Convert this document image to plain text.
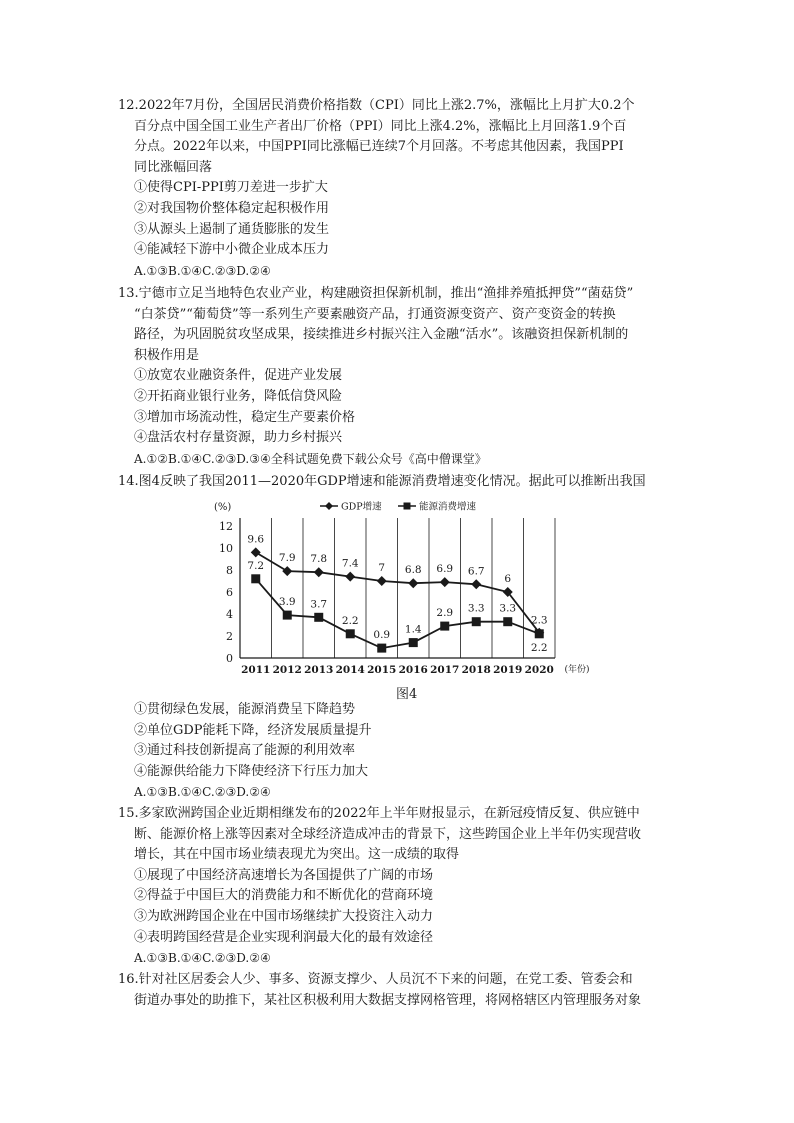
12.2022年7月份，全国居民消费价格指数（CPI）同比上涨2.7%，涨幅比上月扩大0.2个

百分点中国全国工业生产者出厂价格（PPI）同比上涨4.2%，涨幅比上月回落1.9个百

分点。2022年以来，中国PPI同比涨幅已连续7个月回落。不考虑其他因素，我国PPI

同比涨幅回落

①使得CPI-PPI剪刀差进一步扩大

②对我国物价整体稳定起积极作用

③从源头上遏制了通货膨胀的发生

④能减轻下游中小微企业成本压力

A.①③B.①④C.②③D.②④

13.宁德市立足当地特色农业产业，构建融资担保新机制，推出“渔排养殖抵押贷”“菌菇贷”

“白茶贷”“葡萄贷”等一系列生产要素融资产品，打通资源变资产、资产变资金的转换

路径，为巩固脱贫攻坚成果，接续推进乡村振兴注入金融“活水”。该融资担保新机制的

积极作用是

①放宽农业融资条件，促进产业发展

②开拓商业银行业务，降低信贷风险

③增加市场流动性，稳定生产要素价格

④盘活农村存量资源，助力乡村振兴

A.①②B.①④C.②③D.③④全科试题免费下载公众号《高中僧课堂》

14.图4反映了我国2011—2020年GDP增速和能源消费增速变化情况。据此可以推断出我国

GDP增速	能源消费增速
(%)
0
2
4
6
8
10
12
2011 2012 2013 2014 2015 2016 2017 2018 2019 2020 (年份)
9.6
7.9 7.8 7.4 7 6.8 6.9 6.7
6
2.3
7.2
3.9 3.7
2.2
0.9 1.4
2.9 3.3 3.3
2.2
图4

①贯彻绿色发展，能源消费呈下降趋势

②单位GDP能耗下降，经济发展质量提升

③通过科技创新提高了能源的利用效率

④能源供给能力下降使经济下行压力加大

A.①③B.①④C.②③D.②④

15.多家欧洲跨国企业近期相继发布的2022年上半年财报显示，在新冠疫情反复、供应链中

断、能源价格上涨等因素对全球经济造成冲击的背景下，这些跨国企业上半年仍实现营收

增长，其在中国市场业绩表现尤为突出。这一成绩的取得

①展现了中国经济高速增长为各国提供了广阔的市场

②得益于中国巨大的消费能力和不断优化的营商环境

③为欧洲跨国企业在中国市场继续扩大投资注入动力

④表明跨国经营是企业实现利润最大化的最有效途径

A.①③B.①④C.②③D.②④

16.针对社区居委会人少、事多、资源支撑少、人员沉不下来的问题，在党工委、管委会和

街道办事处的助推下，某社区积极利用大数据支撑网格管理，将网格辖区内管理服务对象
